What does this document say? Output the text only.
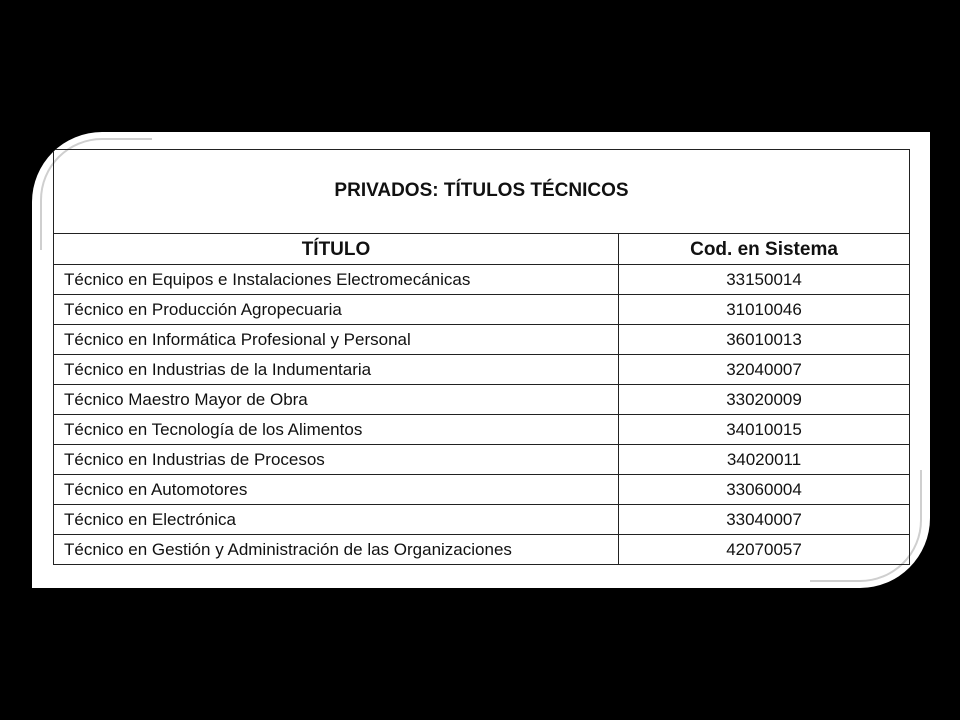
PRIVADOS: TÍTULOS TÉCNICOS	
TÍTULO	Cod. en Sistema
Técnico en Equipos e Instalaciones Electromecánicas	33150014
Técnico en Producción Agropecuaria	31010046
Técnico en Informática Profesional y Personal	36010013
Técnico en Industrias de la Indumentaria	32040007
Técnico Maestro Mayor de Obra	33020009
Técnico en Tecnología de los Alimentos	34010015
Técnico en Industrias de Procesos	34020011
Técnico en Automotores	33060004
Técnico en Electrónica	33040007
Técnico en Gestión y Administración de las Organizaciones	42070057
